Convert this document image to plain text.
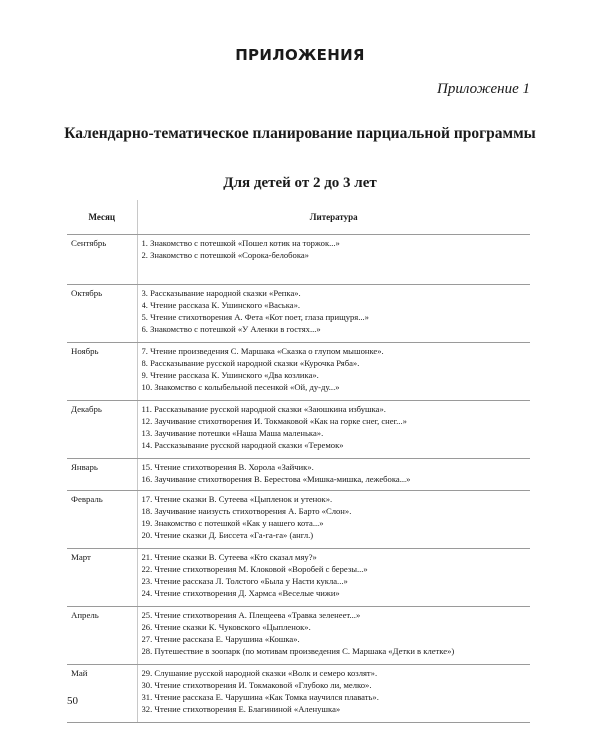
ПРИЛОЖЕНИЯ
Приложение 1
Календарно-тематическое планирование парциальной программы
Для детей от 2 до 3 лет
Месяц	Литература
Сентябрь	1. Знакомство с потешкой «Пошел котик на торжок...»
2. Знакомство с потешкой «Сорока-белобока»

Октябрь	3. Рассказывание народной сказки «Репка».
4. Чтение рассказа К. Ушинского «Васька».
5. Чтение стихотворения А. Фета «Кот поет, глаза прищуря...»
6. Знакомство с потешкой «У Аленки в гостях...»

Ноябрь	7. Чтение произведения С. Маршака «Сказка о глупом мышонке».
8. Рассказывание русской народной сказки «Курочка Ряба».
9. Чтение рассказа К. Ушинского «Два козлика».
10. Знакомство с колыбельной песенкой «Ой, ду-ду...»

Декабрь	11. Рассказывание русской народной сказки «Заюшкина избушка».
12. Заучивание стихотворения И. Токмаковой «Как на горке снег, снег...»
13. Заучивание потешки «Наша Маша маленька».
14. Рассказывание русской народной сказки «Теремок»

Январь	15. Чтение стихотворения В. Хорола «Зайчик».
16. Заучивание стихотворения В. Берестова «Мишка-мишка, лежебока...»

Февраль	17. Чтение сказки В. Сутеева «Цыпленок и утенок».
18. Заучивание наизусть стихотворения А. Барто «Слон».
19. Знакомство с потешкой «Как у нашего кота...»
20. Чтение сказки Д. Биссета «Га-га-га» (англ.)

Март	21. Чтение сказки В. Сутеева «Кто сказал мяу?»
22. Чтение стихотворения М. Клоковой «Воробей с березы...»
23. Чтение рассказа Л. Толстого «Была у Насти кукла...»
24. Чтение стихотворения Д. Хармса «Веселые чижи»

Апрель	25. Чтение стихотворения А. Плещеева «Травка зеленеет...»
26. Чтение сказки К. Чуковского «Цыпленок».
27. Чтение рассказа Е. Чарушина «Кошка».
28. Путешествие в зоопарк (по мотивам произведения С. Маршака «Детки в клетке»)

Май	29. Слушание русской народной сказки «Волк и семеро козлят».
30. Чтение стихотворения И. Токмаковой «Глубоко ли, мелко».
31. Чтение рассказа Е. Чарушина «Как Томка научился плавать».
32. Чтение стихотворения Е. Благининой «Аленушка»
50
